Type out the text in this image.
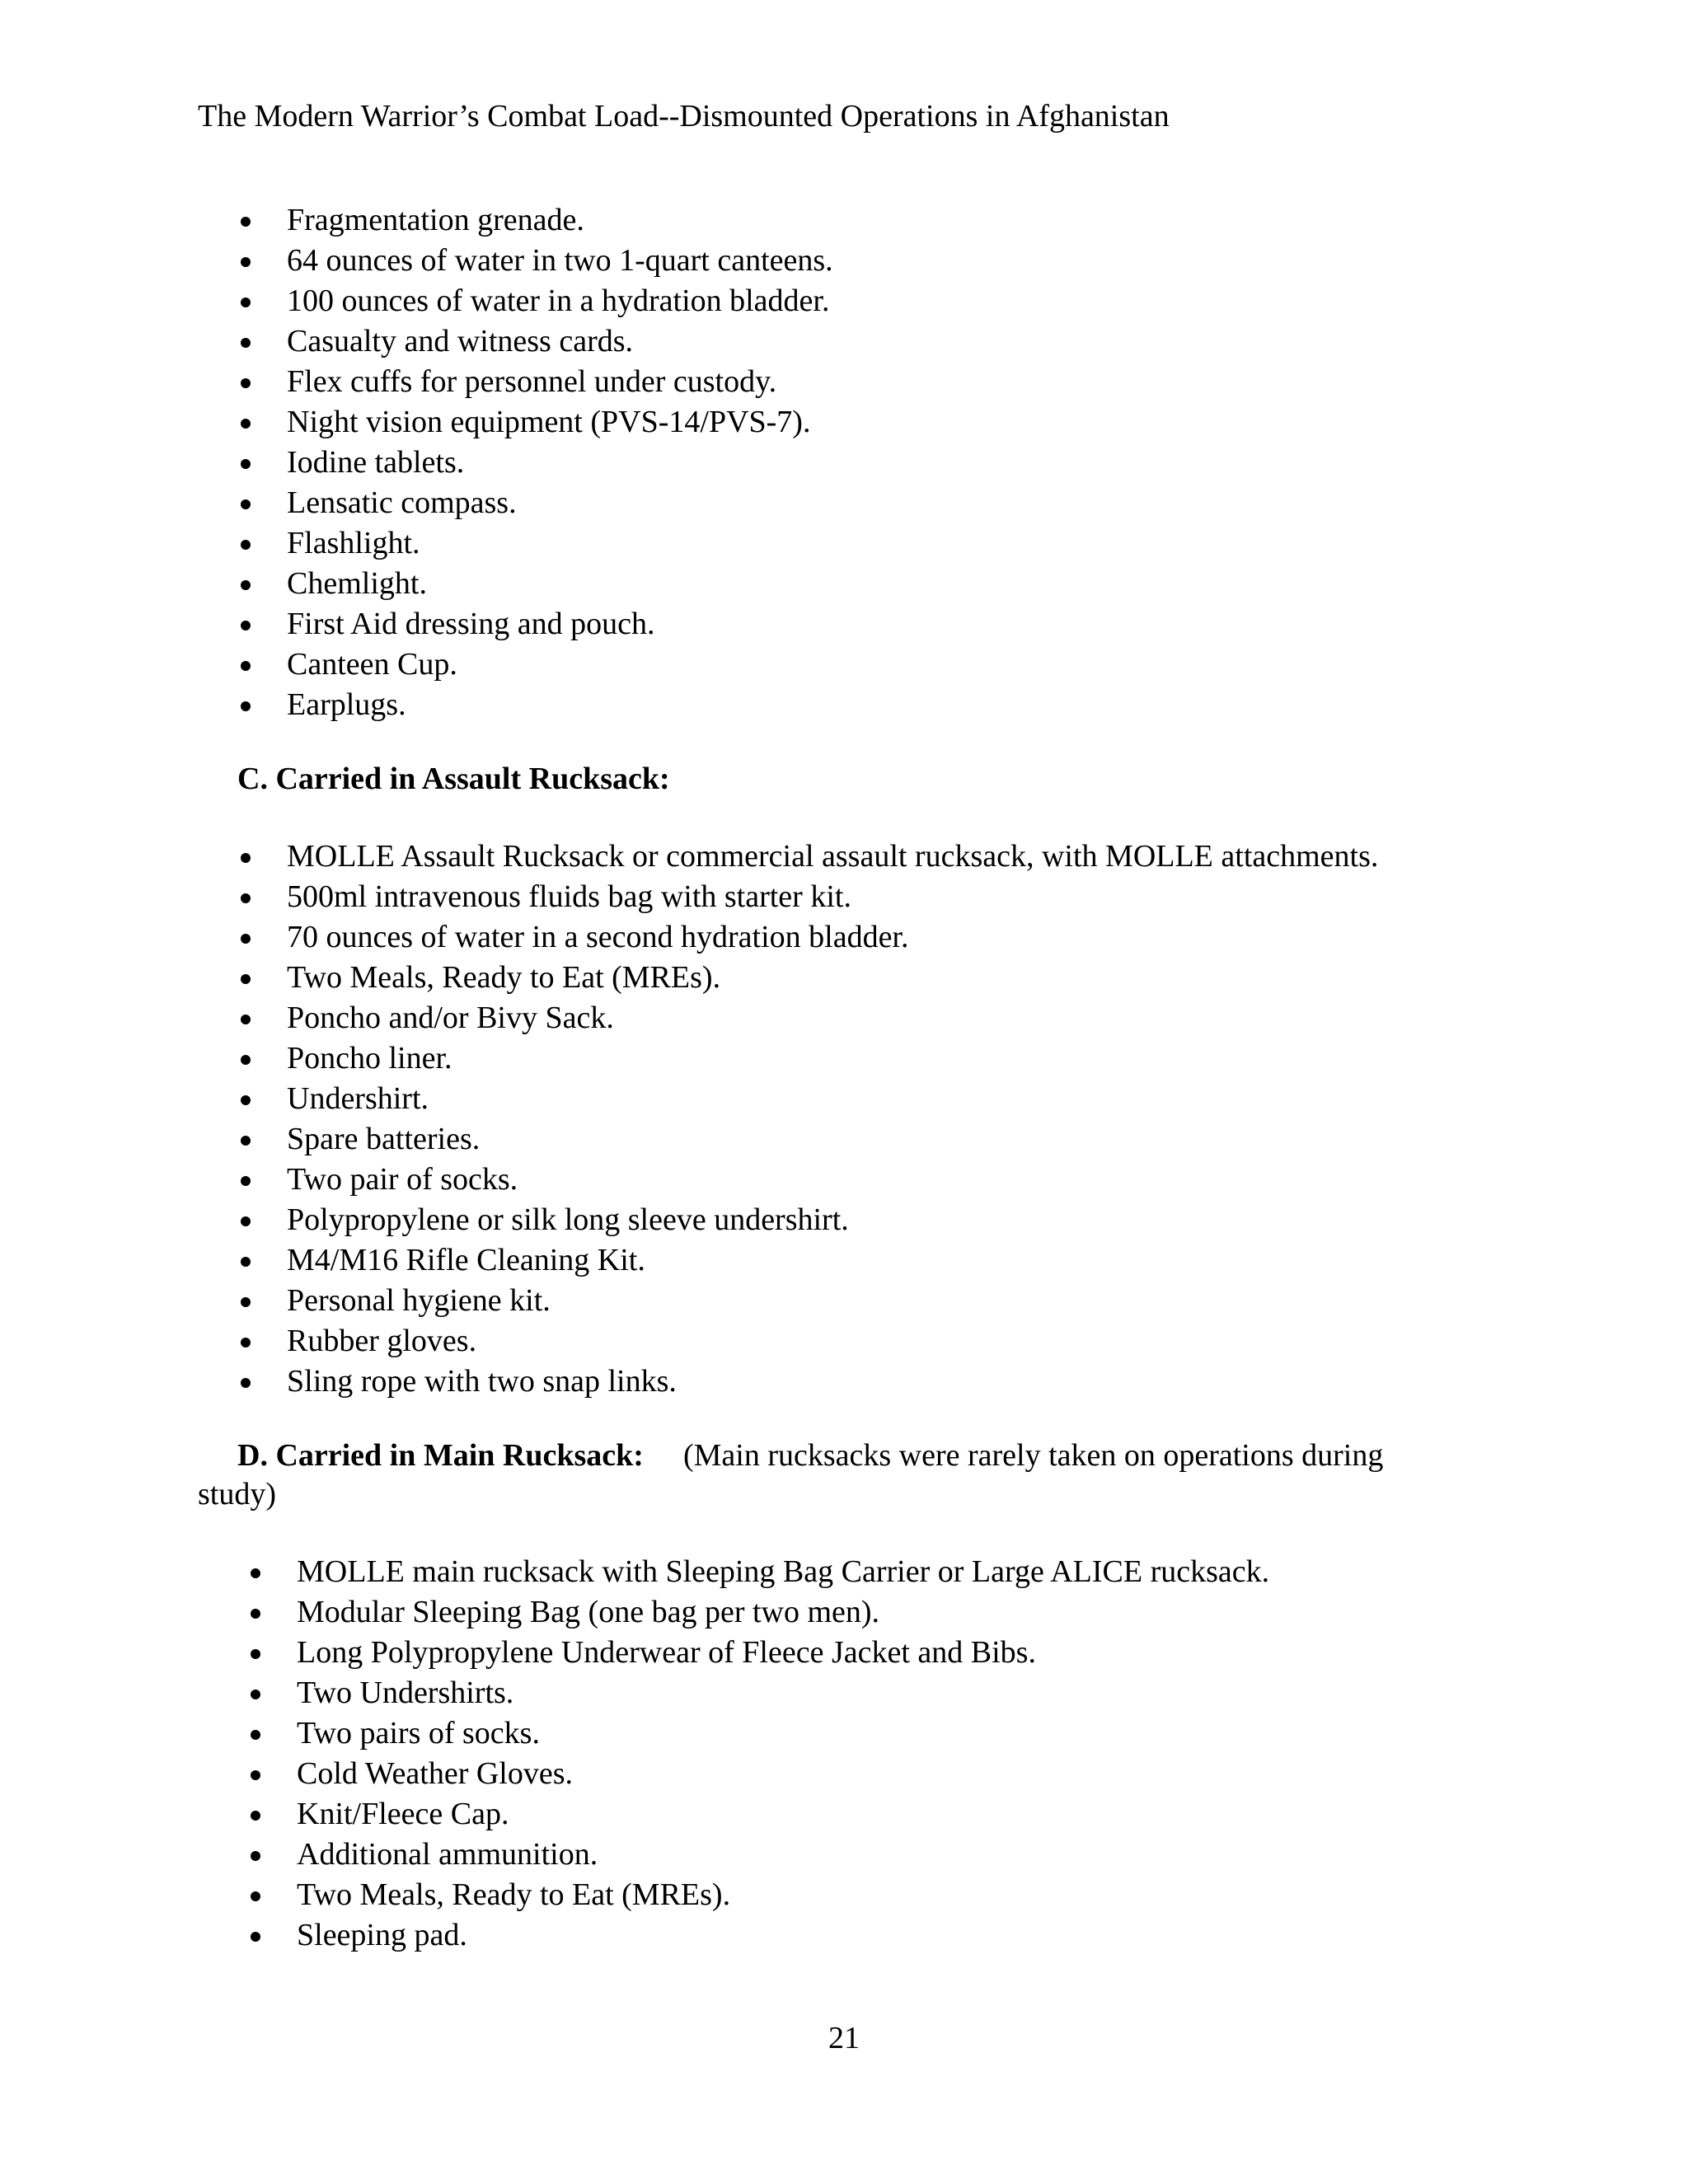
The Modern Warrior’s Combat Load--Dismounted Operations in Afghanistan
Fragmentation grenade.
64 ounces of water in two 1-quart canteens.
100 ounces of water in a hydration bladder.
Casualty and witness cards.
Flex cuffs for personnel under custody.
Night vision equipment (PVS-14/PVS-7).
Iodine tablets.
Lensatic compass.
Flashlight.
Chemlight.
First Aid dressing and pouch.
Canteen Cup.
Earplugs.
C. Carried in Assault Rucksack:
MOLLE Assault Rucksack or commercial assault rucksack, with MOLLE attachments.
500ml intravenous fluids bag with starter kit.
70 ounces of water in a second hydration bladder.
Two Meals, Ready to Eat (MREs).
Poncho and/or Bivy Sack.
Poncho liner.
Undershirt.
Spare batteries.
Two pair of socks.
Polypropylene or silk long sleeve undershirt.
M4/M16 Rifle Cleaning Kit.
Personal hygiene kit.
Rubber gloves.
Sling rope with two snap links.
D. Carried in Main Rucksack: (Main rucksacks were rarely taken on operations during
study)
MOLLE main rucksack with Sleeping Bag Carrier or Large ALICE rucksack.
Modular Sleeping Bag (one bag per two men).
Long Polypropylene Underwear of Fleece Jacket and Bibs.
Two Undershirts.
Two pairs of socks.
Cold Weather Gloves.
Knit/Fleece Cap.
Additional ammunition.
Two Meals, Ready to Eat (MREs).
Sleeping pad.
21
